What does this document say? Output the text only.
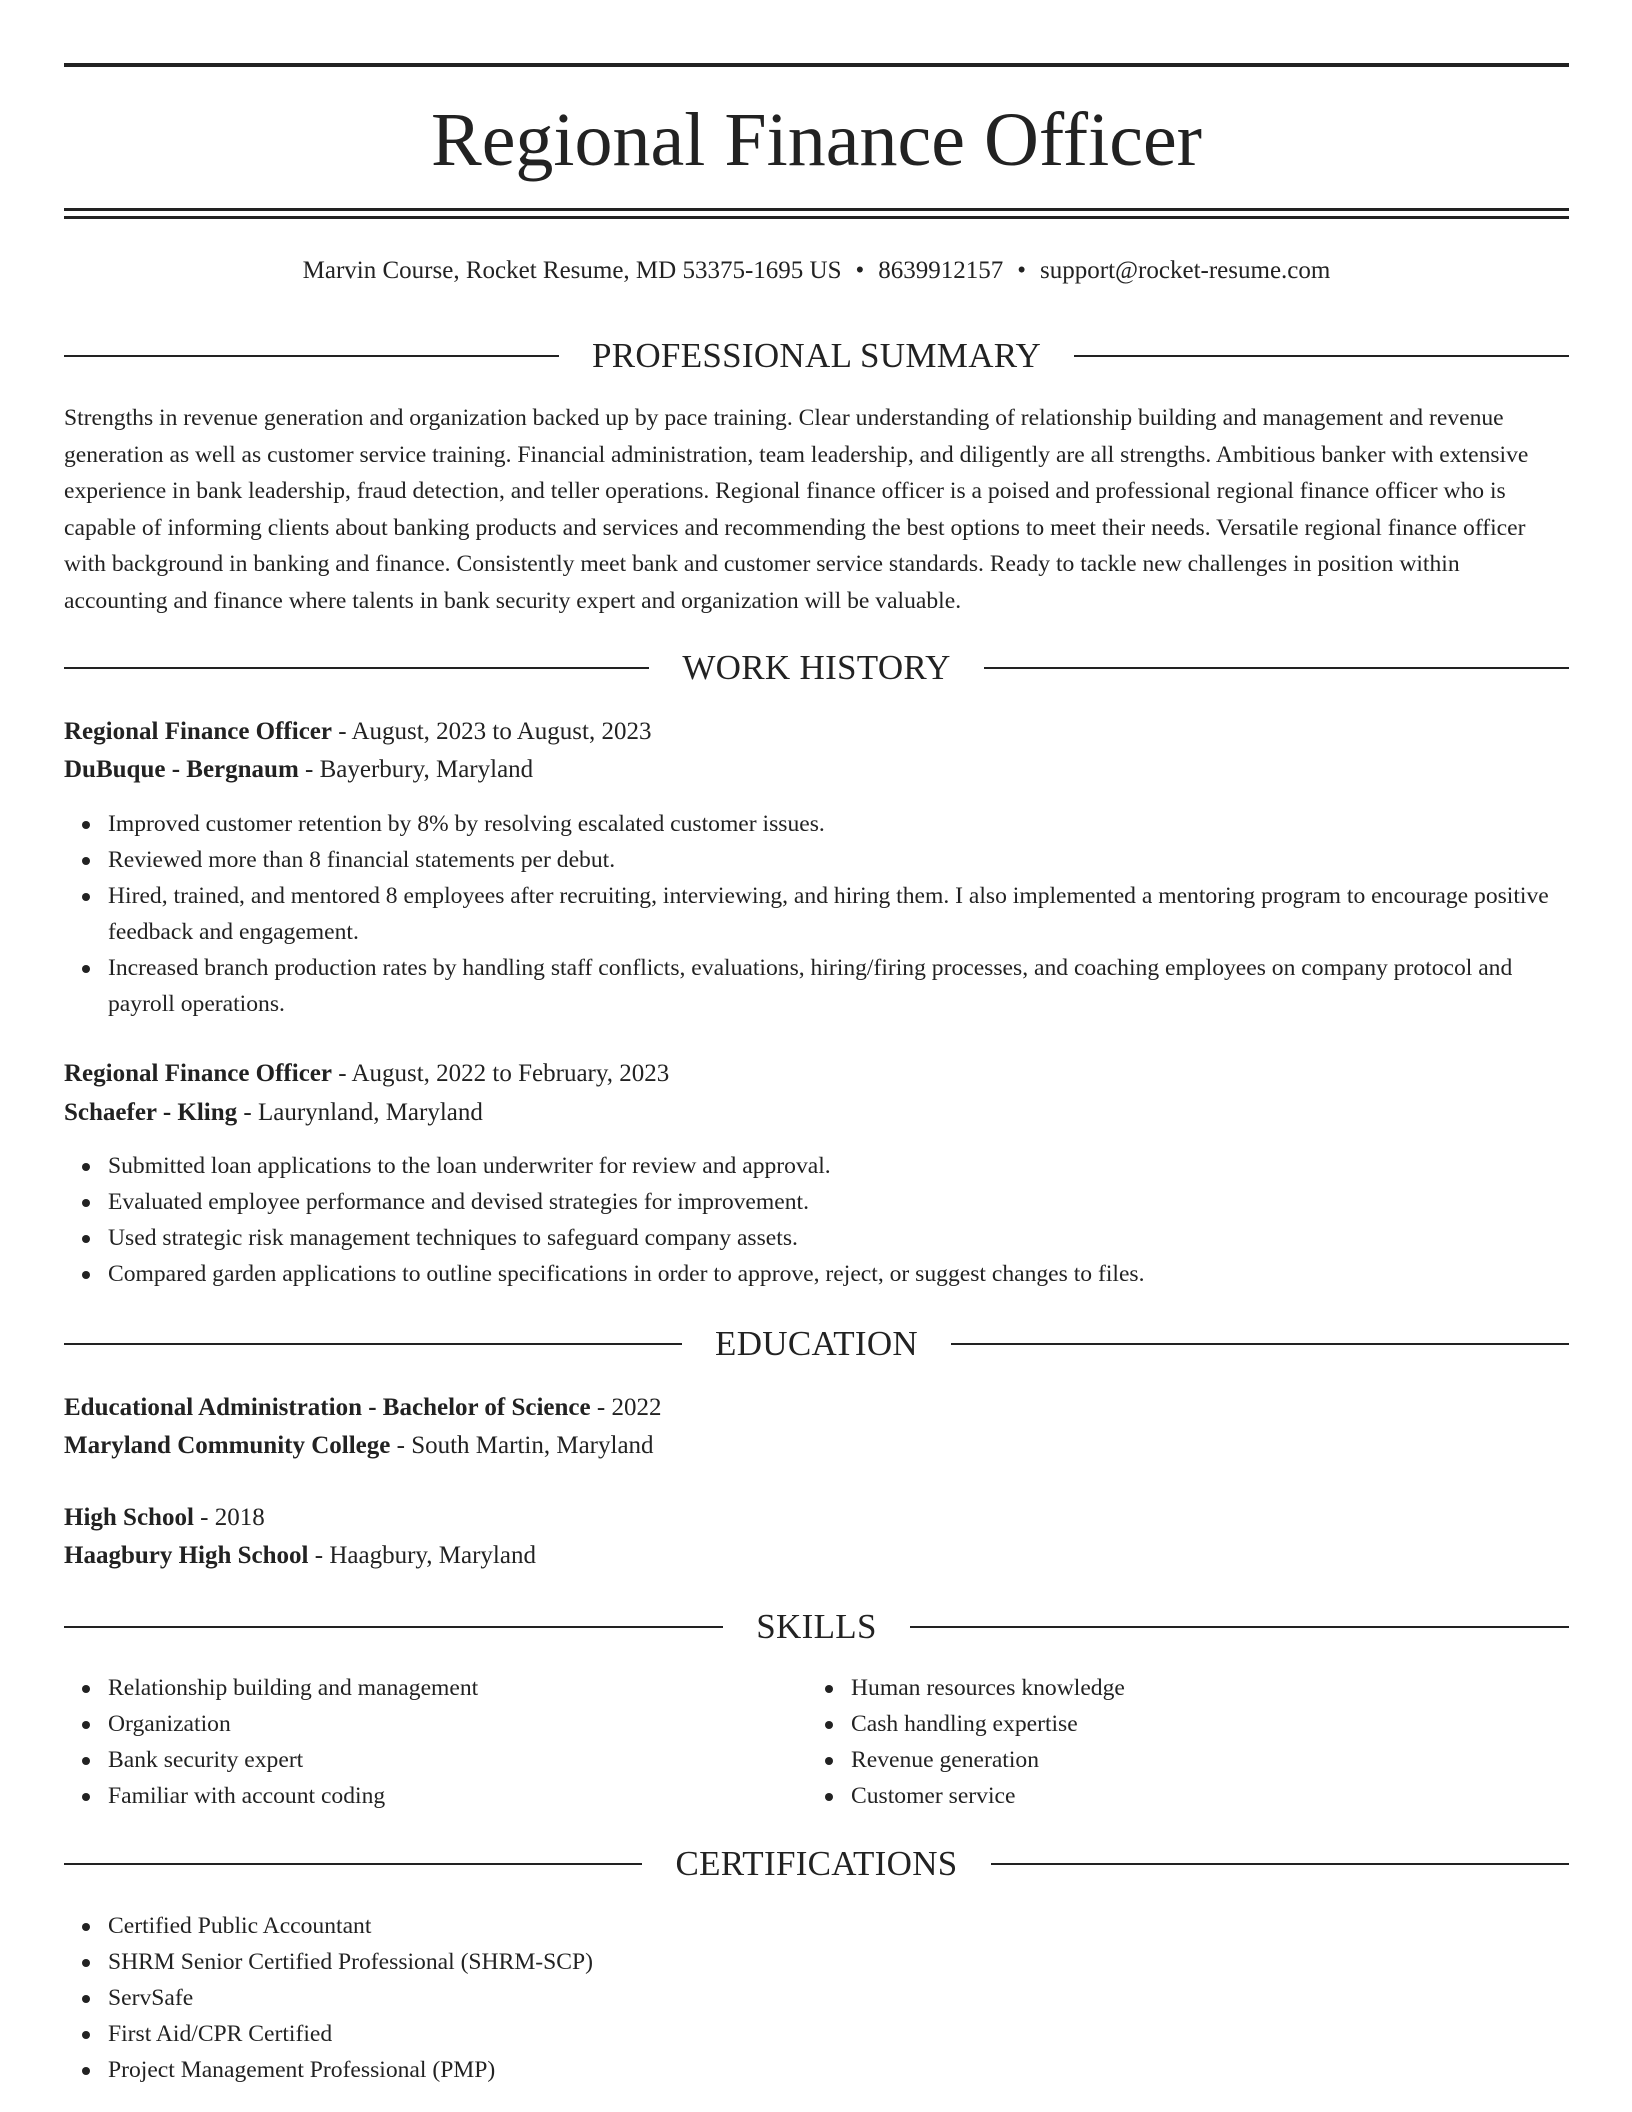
Regional Finance Officer
Marvin Course, Rocket Resume, MD 53375-1695 US • 8639912157 • support@rocket-resume.com
PROFESSIONAL SUMMARY

Strengths in revenue generation and organization backed up by pace training. Clear understanding of relationship building and management and revenue generation as well as customer service training. Financial administration, team leadership, and diligently are all strengths. Ambitious banker with extensive experience in bank leadership, fraud detection, and teller operations. Regional finance officer is a poised and professional regional finance officer who is capable of informing clients about banking products and services and recommending the best options to meet their needs. Versatile regional finance officer with background in banking and finance. Consistently meet bank and customer service standards. Ready to tackle new challenges in position within accounting and finance where talents in bank security expert and organization will be valuable.

WORK HISTORY
Regional Finance Officer - August, 2023 to August, 2023
DuBuque - Bergnaum - Bayerbury, Maryland
Improved customer retention by 8% by resolving escalated customer issues.
Reviewed more than 8 financial statements per debut.
Hired, trained, and mentored 8 employees after recruiting, interviewing, and hiring them. I also implemented a mentoring program to encourage positive feedback and engagement.
Increased branch production rates by handling staff conflicts, evaluations, hiring/firing processes, and coaching employees on company protocol and payroll operations.
Regional Finance Officer - August, 2022 to February, 2023
Schaefer - Kling - Laurynland, Maryland
Submitted loan applications to the loan underwriter for review and approval.
Evaluated employee performance and devised strategies for improvement.
Used strategic risk management techniques to safeguard company assets.
Compared garden applications to outline specifications in order to approve, reject, or suggest changes to files.
EDUCATION
Educational Administration - Bachelor of Science - 2022
Maryland Community College - South Martin, Maryland
High School - 2018
Haagbury High School - Haagbury, Maryland
SKILLS
Relationship building and management
Organization
Bank security expert
Familiar with account coding
Human resources knowledge
Cash handling expertise
Revenue generation
Customer service
CERTIFICATIONS
Certified Public Accountant
SHRM Senior Certified Professional (SHRM-SCP)
ServSafe
First Aid/CPR Certified
Project Management Professional (PMP)
